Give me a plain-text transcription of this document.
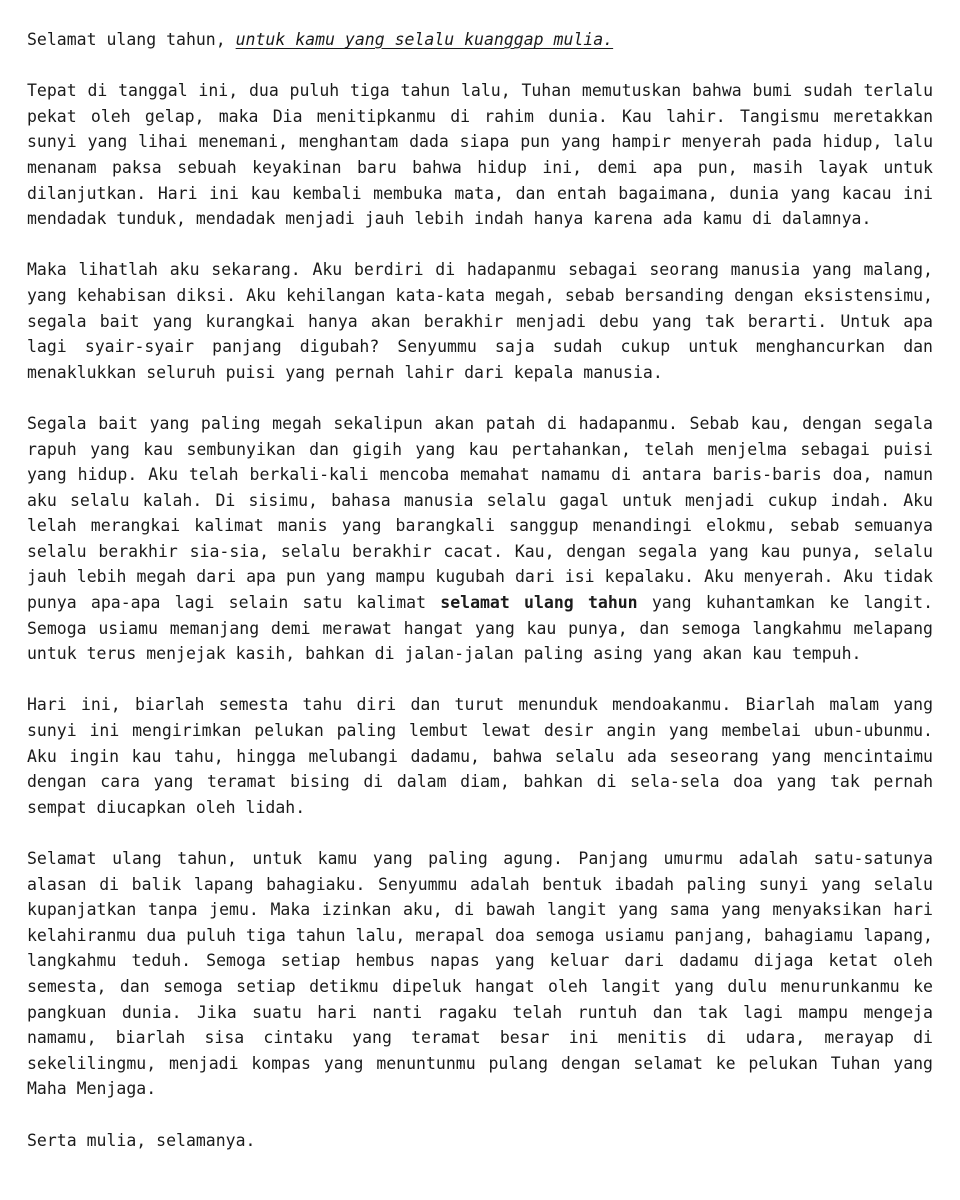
Selamat ulang tahun, untuk kamu yang selalu kuanggap mulia.

Tepat di tanggal ini, dua puluh tiga tahun lalu, Tuhan memutuskan bahwa bumi sudah terlalu pekat oleh gelap, maka Dia menitipkanmu di rahim dunia. Kau lahir. Tangismu meretakkan sunyi yang lihai menemani, menghantam dada siapa pun yang hampir menyerah pada hidup, lalu menanam paksa sebuah keyakinan baru bahwa hidup ini, demi apa pun, masih layak untuk dilanjutkan. Hari ini kau kembali membuka mata, dan entah bagaimana, dunia yang kacau ini mendadak tunduk, mendadak menjadi jauh lebih indah hanya karena ada kamu di dalamnya.

Maka lihatlah aku sekarang. Aku berdiri di hadapanmu sebagai seorang manusia yang malang, yang kehabisan diksi. Aku kehilangan kata-kata megah, sebab bersanding dengan eksistensimu, segala bait yang kurangkai hanya akan berakhir menjadi debu yang tak berarti. Untuk apa lagi syair-syair panjang digubah? Senyummu saja sudah cukup untuk menghancurkan dan menaklukkan seluruh puisi yang pernah lahir dari kepala manusia.

Segala bait yang paling megah sekalipun akan patah di hadapanmu. Sebab kau, dengan segala rapuh yang kau sembunyikan dan gigih yang kau pertahankan, telah menjelma sebagai puisi yang hidup. Aku telah berkali-kali mencoba memahat namamu di antara baris-baris doa, namun aku selalu kalah. Di sisimu, bahasa manusia selalu gagal untuk menjadi cukup indah. Aku lelah merangkai kalimat manis yang barangkali sanggup menandingi elokmu, sebab semuanya selalu berakhir sia-sia, selalu berakhir cacat. Kau, dengan segala yang kau punya, selalu jauh lebih megah dari apa pun yang mampu kugubah dari isi kepalaku. Aku menyerah. Aku tidak punya apa-apa lagi selain satu kalimat selamat ulang tahun yang kuhantamkan ke langit. Semoga usiamu memanjang demi merawat hangat yang kau punya, dan semoga langkahmu melapang untuk terus menjejak kasih, bahkan di jalan-jalan paling asing yang akan kau tempuh.

Hari ini, biarlah semesta tahu diri dan turut menunduk mendoakanmu. Biarlah malam yang sunyi ini mengirimkan pelukan paling lembut lewat desir angin yang membelai ubun-ubunmu. Aku ingin kau tahu, hingga melubangi dadamu, bahwa selalu ada seseorang yang mencintaimu dengan cara yang teramat bising di dalam diam, bahkan di sela-sela doa yang tak pernah sempat diucapkan oleh lidah.

Selamat ulang tahun, untuk kamu yang paling agung. Panjang umurmu adalah satu-satunya alasan di balik lapang bahagiaku. Senyummu adalah bentuk ibadah paling sunyi yang selalu kupanjatkan tanpa jemu. Maka izinkan aku, di bawah langit yang sama yang menyaksikan hari kelahiranmu dua puluh tiga tahun lalu, merapal doa semoga usiamu panjang, bahagiamu lapang, langkahmu teduh. Semoga setiap hembus napas yang keluar dari dadamu dijaga ketat oleh semesta, dan semoga setiap detikmu dipeluk hangat oleh langit yang dulu menurunkanmu ke pangkuan dunia. Jika suatu hari nanti ragaku telah runtuh dan tak lagi mampu mengeja namamu, biarlah sisa cintaku yang teramat besar ini menitis di udara, merayap di sekelilingmu, menjadi kompas yang menuntunmu pulang dengan selamat ke pelukan Tuhan yang Maha Menjaga.

Serta mulia, selamanya.
